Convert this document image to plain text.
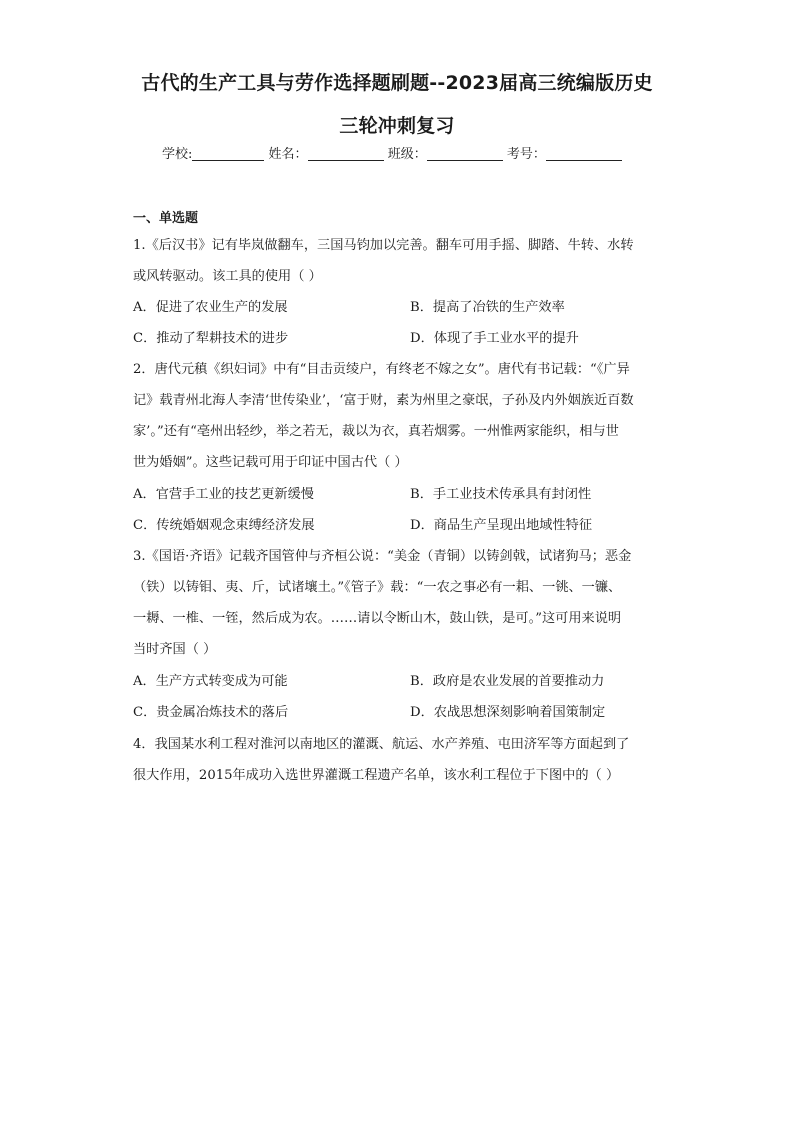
古代的生产工具与劳作选择题刷题--2023届高三统编版历史
三轮冲刺复习
学校:	姓名：	班级：	考号：
一、单选题
1.《后汉书》记有毕岚做翻车，三国马钧加以完善。翻车可用手摇、脚踏、牛转、水转
或风转驱动。该工具的使用（ ）
A．促进了农业生产的发展	B．提高了冶铁的生产效率
C．推动了犁耕技术的进步	D．体现了手工业水平的提升
2．唐代元稹《织妇词》中有“目击贡绫户，有终老不嫁之女”。唐代有书记载：“《广异
记》载青州北海人李清‘世传染业’，‘富于财，素为州里之豪氓，子孙及内外姻族近百数
家’。”还有“亳州出轻纱，举之若无，裁以为衣，真若烟雾。一州惟两家能织，相与世
世为婚姻”。这些记载可用于印证中国古代（ ）
A．官营手工业的技艺更新缓慢	B．手工业技术传承具有封闭性
C．传统婚姻观念束缚经济发展	D．商品生产呈现出地域性特征
3.《国语·齐语》记载齐国管仲与齐桓公说：“美金（青铜）以铸剑戟，试诸狗马；恶金
（铁）以铸钼、夷、斤，试诸壤土。”《管子》载：“一农之事必有一耜、一铫、一镰、
一耨、一椎、一铚，然后成为农。……请以令断山木，鼓山铁，是可。”这可用来说明
当时齐国（ ）
A．生产方式转变成为可能	B．政府是农业发展的首要推动力
C．贵金属冶炼技术的落后	D．农战思想深刻影响着国策制定
4．我国某水利工程对淮河以南地区的灌溉、航运、水产养殖、屯田济军等方面起到了
很大作用，2015年成功入选世界灌溉工程遗产名单，该水利工程位于下图中的（ ）
